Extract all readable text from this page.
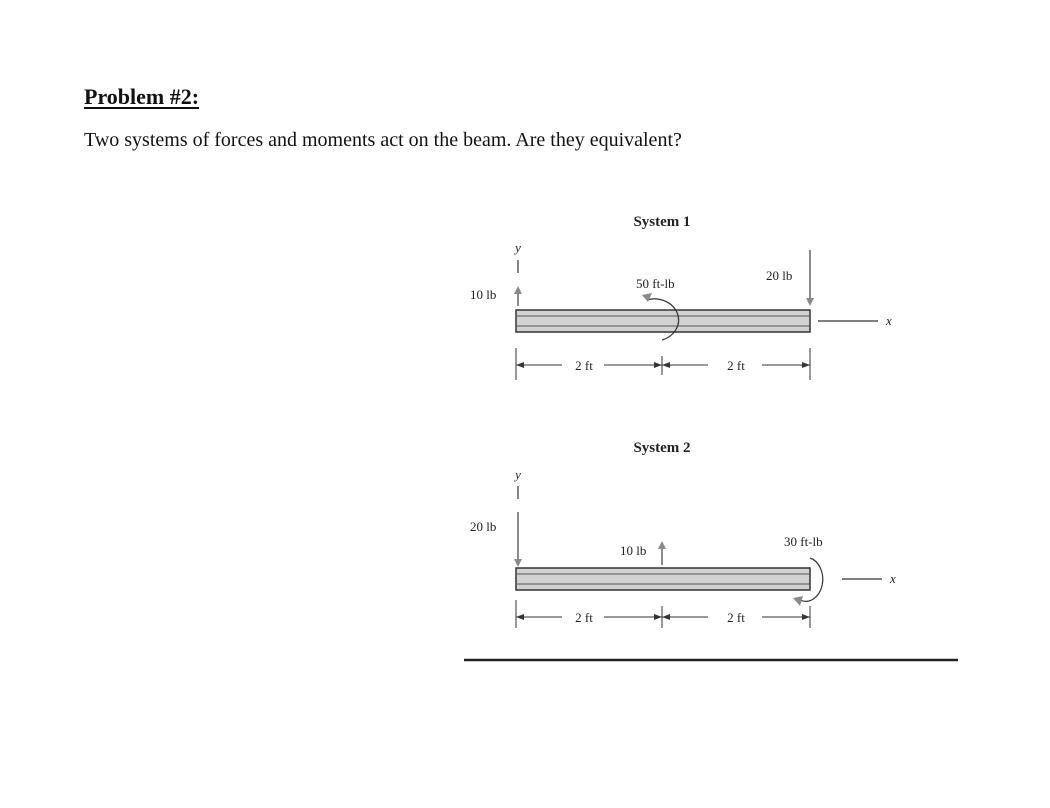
Problem #2:

Two systems of forces and moments act on the beam. Are they equivalent?

System 1
y
10 lb
x
50 ft-lb
20 lb
2 ft	2 ft
System 2
y
20 lb
10 lb
30 ft-lb
x
2 ft	2 ft
